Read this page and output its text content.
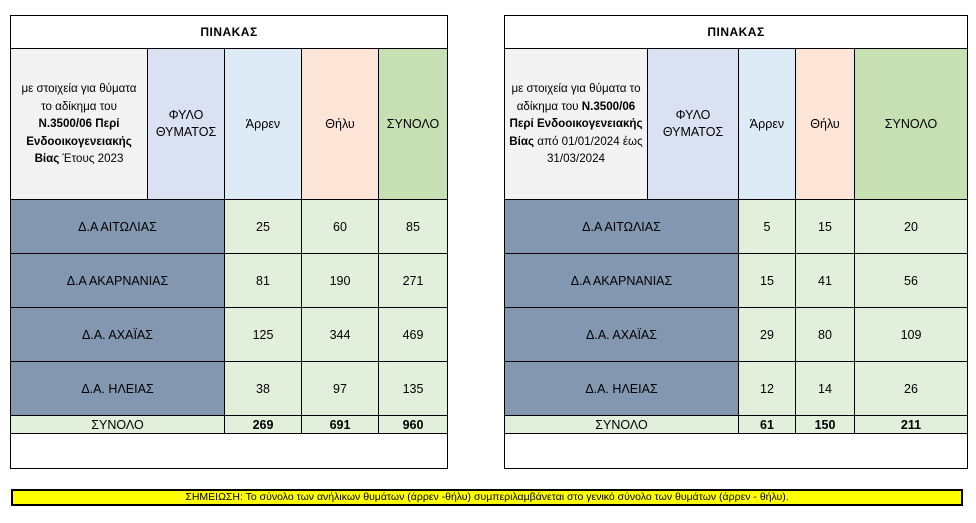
ΠΙΝΑΚΑΣ				
με στοιχεία για θύματα το αδίκημα του Ν.3500/06 Περί Ενδοοικογενειακής Βίας Έτους 2023	ΦΥΛΟ ΘΥΜΑΤΟΣ	Άρρεν	Θήλυ	ΣΥΝΟΛΟ
Δ.Α ΑΙΤΩΛΙΑΣ		25	60	85
Δ.Α ΑΚΑΡΝΑΝΙΑΣ		81	190	271
Δ.Α. ΑΧΑΪΑΣ		125	344	469
Δ.Α. ΗΛΕΙΑΣ		38	97	135
ΣΥΝΟΛΟ		269	691	960

ΠΙΝΑΚΑΣ				
με στοιχεία για θύματα το αδίκημα του Ν.3500/06 Περί Ενδοοικογενειακής Βίας από 01/01/2024 έως 31/03/2024	ΦΥΛΟ ΘΥΜΑΤΟΣ	Άρρεν	Θήλυ	ΣΥΝΟΛΟ
Δ.Α ΑΙΤΩΛΙΑΣ		5	15	20
Δ.Α ΑΚΑΡΝΑΝΙΑΣ		15	41	56
Δ.Α. ΑΧΑΪΑΣ		29	80	109
Δ.Α. ΗΛΕΙΑΣ		12	14	26
ΣΥΝΟΛΟ		61	150	211

ΣΗΜΕΙΩΣΗ: Το σύνολο των ανήλικων θυμάτων (άρρεν -θήλυ) συμπεριλαμβάνεται στο γενικό σύνολο των θυμάτων (άρρεν - θήλυ).
